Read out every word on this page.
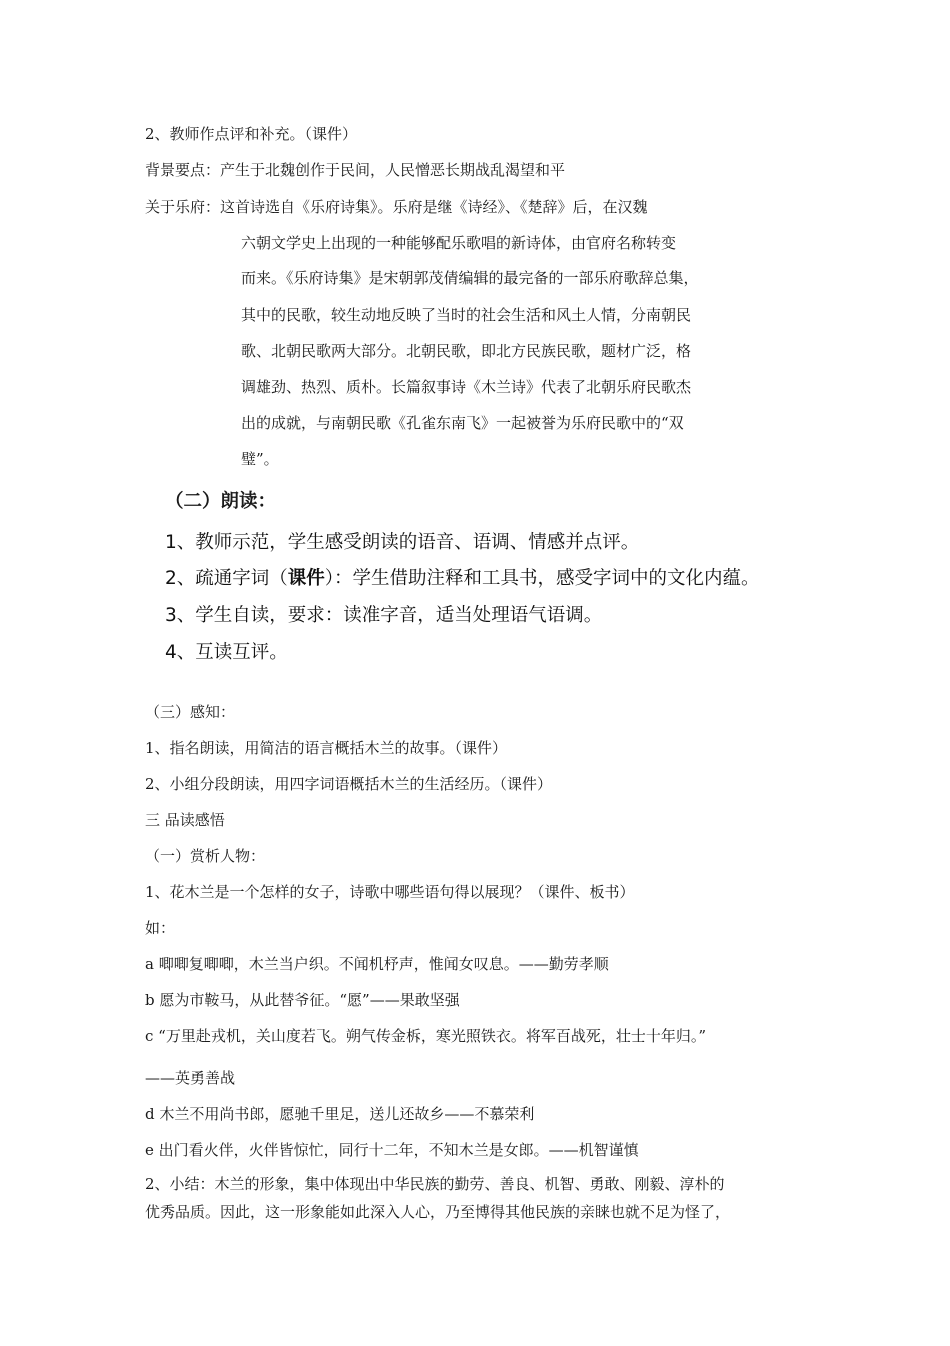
2、教师作点评和补充。（课件）
背景要点：产生于北魏创作于民间，人民憎恶长期战乱渴望和平
关于乐府：这首诗选自《乐府诗集》。乐府是继《诗经》、《楚辞》后，在汉魏
六朝文学史上出现的一种能够配乐歌唱的新诗体，由官府名称转变
而来。《乐府诗集》是宋朝郭茂倩编辑的最完备的一部乐府歌辞总集，
其中的民歌，较生动地反映了当时的社会生活和风土人情，分南朝民
歌、北朝民歌两大部分。北朝民歌，即北方民族民歌，题材广泛，格
调雄劲、热烈、质朴。长篇叙事诗《木兰诗》代表了北朝乐府民歌杰
出的成就，与南朝民歌《孔雀东南飞》一起被誉为乐府民歌中的“双
璧”。
（二）朗读：
1、教师示范，学生感受朗读的语音、语调、情感并点评。
2、疏通字词（课件）：学生借助注释和工具书，感受字词中的文化内蕴。
3、学生自读，要求：读准字音，适当处理语气语调。
4、互读互评。
（三）感知：
1、指名朗读，用简洁的语言概括木兰的故事。（课件）
2、小组分段朗读，用四字词语概括木兰的生活经历。（课件）
三 品读感悟
（一）赏析人物：
1、花木兰是一个怎样的女子，诗歌中哪些语句得以展现？（课件、板书）
如：
a 唧唧复唧唧，木兰当户织。不闻机杼声，惟闻女叹息。——勤劳孝顺
b 愿为市鞍马，从此替爷征。“愿”——果敢坚强
c “万里赴戎机，关山度若飞。朔气传金柝，寒光照铁衣。将军百战死，壮士十年归。”
——英勇善战
d 木兰不用尚书郎，愿驰千里足，送儿还故乡——不慕荣利
e 出门看火伴，火伴皆惊忙，同行十二年，不知木兰是女郎。——机智谨慎
2、小结：木兰的形象，集中体现出中华民族的勤劳、善良、机智、勇敢、刚毅、淳朴的
优秀品质。因此，这一形象能如此深入人心，乃至博得其他民族的亲睐也就不足为怪了，
